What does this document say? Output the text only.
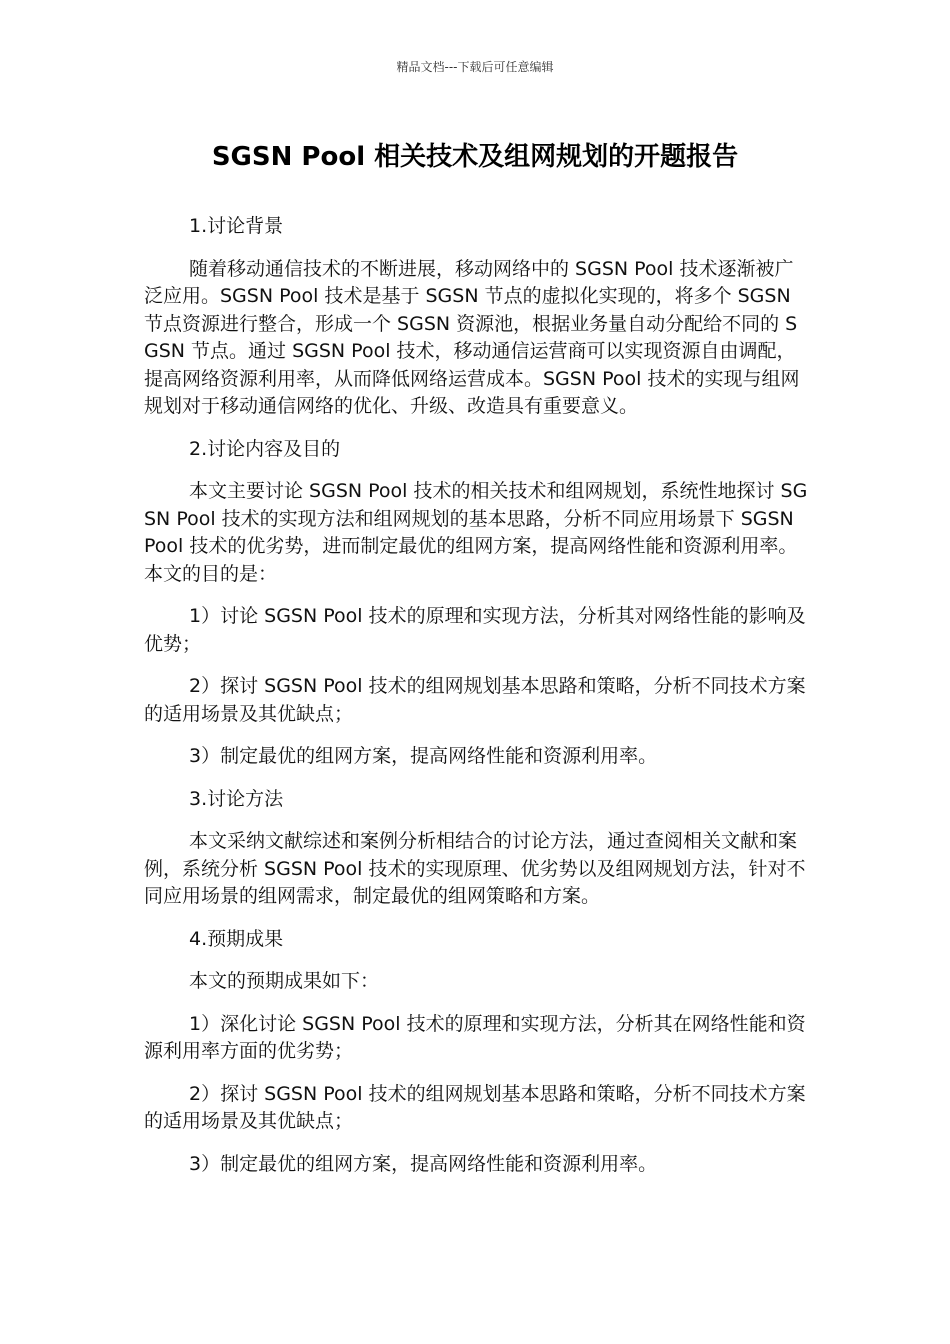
精品文档---下载后可任意编辑
SGSN Pool 相关技术及组网规划的开题报告

1.讨论背景

随着移动通信技术的不断进展，移动网络中的 SGSN Pool 技术逐渐被广泛应用。SGSN Pool 技术是基于 SGSN 节点的虚拟化实现的，将多个 SGSN 节点资源进行整合，形成一个 SGSN 资源池，根据业务量自动分配给不同的 SGSN 节点。通过 SGSN Pool 技术，移动通信运营商可以实现资源自由调配，提高网络资源利用率，从而降低网络运营成本。SGSN Pool 技术的实现与组网规划对于移动通信网络的优化、升级、改造具有重要意义。

2.讨论内容及目的

本文主要讨论 SGSN Pool 技术的相关技术和组网规划，系统性地探讨 SGSN Pool 技术的实现方法和组网规划的基本思路，分析不同应用场景下 SGSN Pool 技术的优劣势，进而制定最优的组网方案，提高网络性能和资源利用率。本文的目的是：

1）讨论 SGSN Pool 技术的原理和实现方法，分析其对网络性能的影响及优势；

2）探讨 SGSN Pool 技术的组网规划基本思路和策略，分析不同技术方案的适用场景及其优缺点；

3）制定最优的组网方案，提高网络性能和资源利用率。

3.讨论方法

本文采纳文献综述和案例分析相结合的讨论方法，通过查阅相关文献和案例，系统分析 SGSN Pool 技术的实现原理、优劣势以及组网规划方法，针对不同应用场景的组网需求，制定最优的组网策略和方案。

4.预期成果

本文的预期成果如下：

1）深化讨论 SGSN Pool 技术的原理和实现方法，分析其在网络性能和资源利用率方面的优劣势；

2）探讨 SGSN Pool 技术的组网规划基本思路和策略，分析不同技术方案的适用场景及其优缺点；

3）制定最优的组网方案，提高网络性能和资源利用率。
